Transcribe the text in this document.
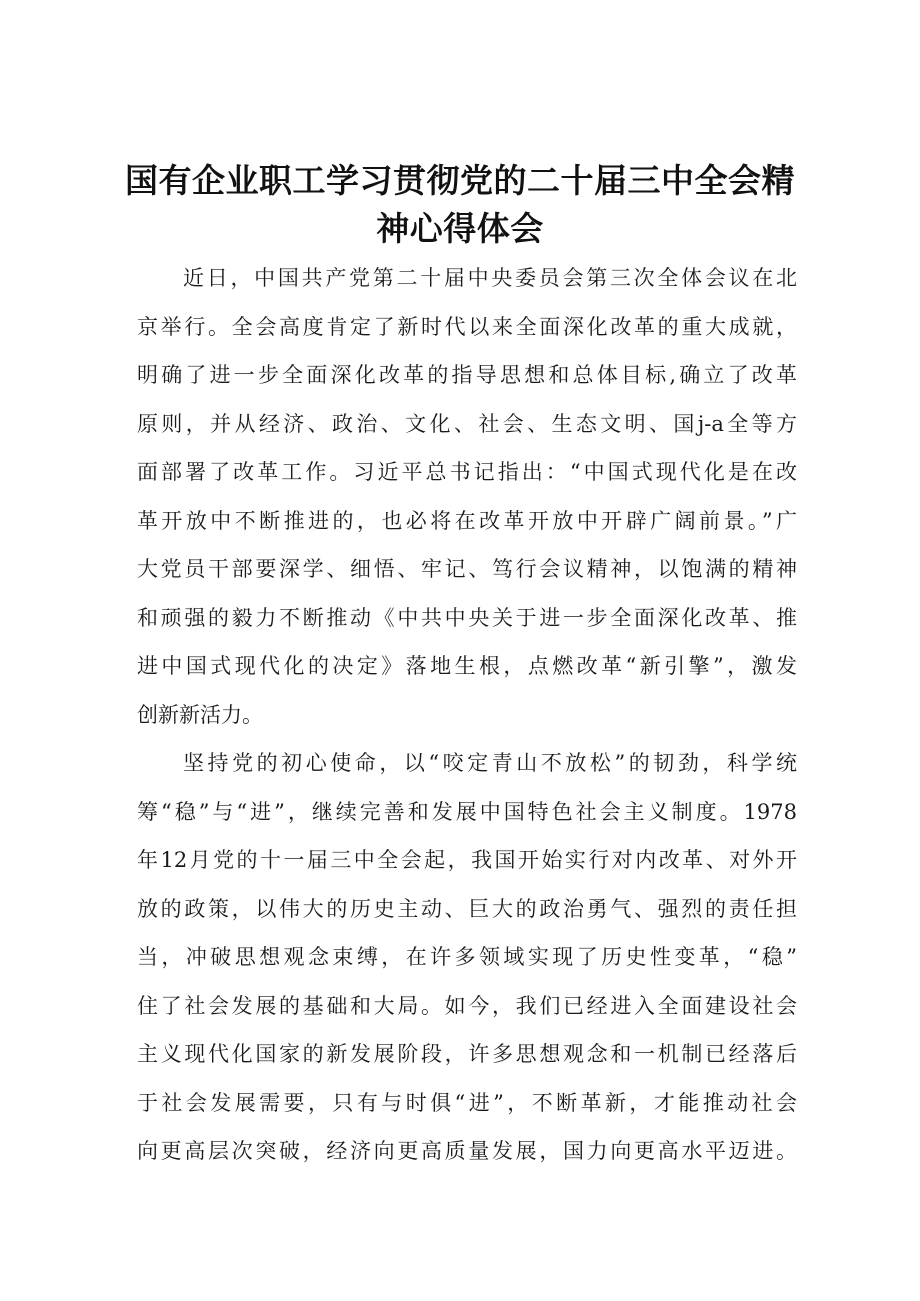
国有企业职工学习贯彻党的二十届三中全会精
神心得体会

近日，中国共产党第二十届中央委员会第三次全体会议在北
京举行。全会高度肯定了新时代以来全面深化改革的重大成就，
明确了进一步全面深化改革的指导思想和总体目标,确立了改革
原则，并从经济、政治、文化、社会、生态文明、国j-a全等方
面部署了改革工作。习近平总书记指出：“中国式现代化是在改
革开放中不断推进的，也必将在改革开放中开辟广阔前景。”广
大党员干部要深学、细悟、牢记、笃行会议精神，以饱满的精神
和顽强的毅力不断推动《中共中央关于进一步全面深化改革、推
进中国式现代化的决定》落地生根，点燃改革“新引擎”，激发
创新新活力。

坚持党的初心使命，以“咬定青山不放松”的韧劲，科学统
筹“稳”与“进”，继续完善和发展中国特色社会主义制度。1978
年12月党的十一届三中全会起，我国开始实行对内改革、对外开
放的政策，以伟大的历史主动、巨大的政治勇气、强烈的责任担
当，冲破思想观念束缚，在许多领域实现了历史性变革，“稳”
住了社会发展的基础和大局。如今，我们已经进入全面建设社会
主义现代化国家的新发展阶段，许多思想观念和一机制已经落后
于社会发展需要，只有与时俱“进”，不断革新，才能推动社会
向更高层次突破，经济向更高质量发展，国力向更高水平迈进。
